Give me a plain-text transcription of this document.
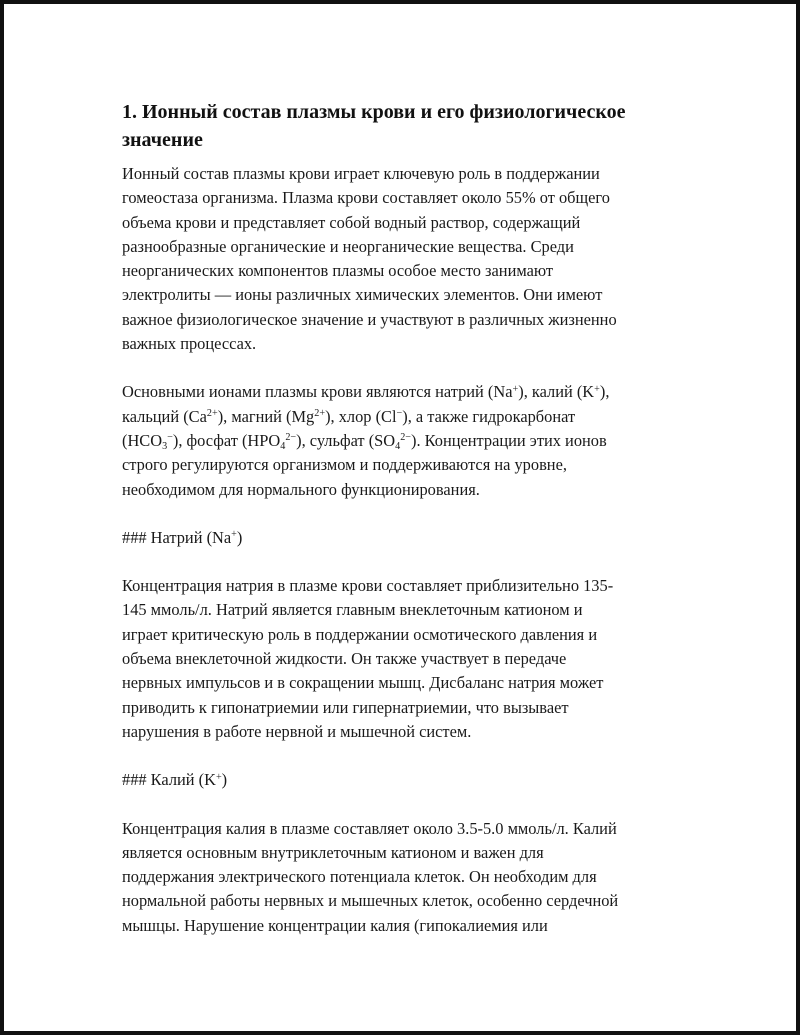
1. Ионный состав плазмы крови и его физиологическое
значение

Ионный состав плазмы крови играет ключевую роль в поддержании
гомеостаза организма. Плазма крови составляет около 55% от общего
объема крови и представляет собой водный раствор, содержащий
разнообразные органические и неорганические вещества. Среди
неорганических компонентов плазмы особое место занимают
электролиты — ионы различных химических элементов. Они имеют
важное физиологическое значение и участвуют в различных жизненно
важных процессах.

Основными ионами плазмы крови являются натрий (Na+), калий (K+),
кальций $(Ca^{2+})$, магний $(Mg^{2+})$, хлор (Cl−), а также гидрокарбонат
$(HCO_3^-)$, фосфат $(HPO_4^{2-})$, сульфат $(SO_4^{2-})$. Концентрации этих ионов
строго регулируются организмом и поддерживаются на уровне,
необходимом для нормального функционирования.

### Натрий (Na+)

Концентрация натрия в плазме крови составляет приблизительно 135-
145 ммоль/л. Натрий является главным внеклеточным катионом и
играет критическую роль в поддержании осмотического давления и
объема внеклеточной жидкости. Он также участвует в передаче
нервных импульсов и в сокращении мышц. Дисбаланс натрия может
приводить к гипонатриемии или гипернатриемии, что вызывает
нарушения в работе нервной и мышечной систем.

### Калий (K+)

Концентрация калия в плазме составляет около 3.5-5.0 ммоль/л. Калий
является основным внутриклеточным катионом и важен для
поддержания электрического потенциала клеток. Он необходим для
нормальной работы нервных и мышечных клеток, особенно сердечной
мышцы. Нарушение концентрации калия (гипокалиемия или
